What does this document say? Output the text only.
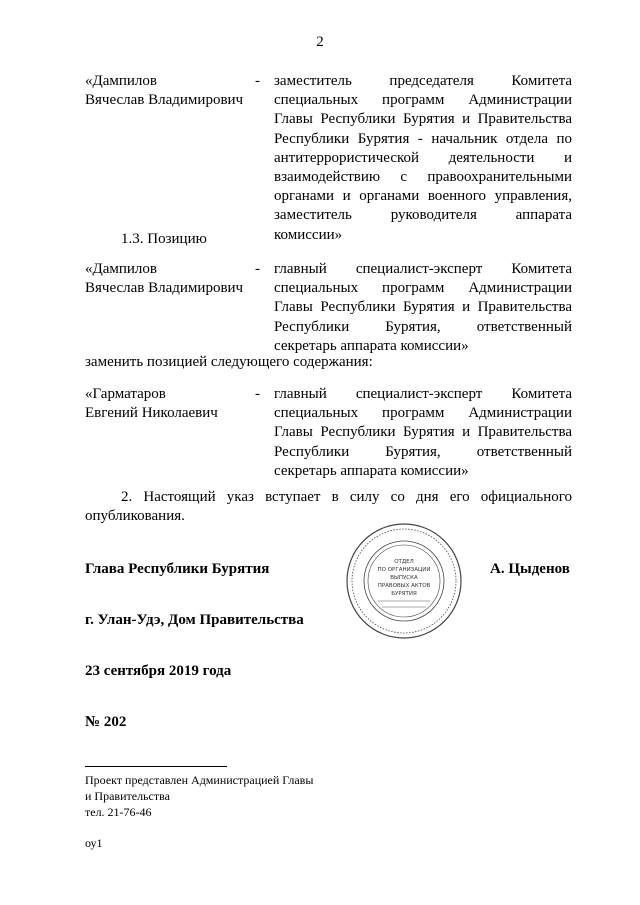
2
«Дампилов
Вячеслав Владимирович
- заместитель председателя Комитета специальных программ Администрации Главы Республики Бурятия и Правительства Республики Бурятия - начальник отдела по антитеррористической деятельности и взаимодействию с правоохранительными органами и органами военного управления, заместитель руководителя аппарата комиссии»
1.3. Позицию
«Дампилов
Вячеслав Владимирович
- главный специалист-эксперт Комитета специальных программ Администрации Главы Республики Бурятия и Правительства Республики Бурятия, ответственный секретарь аппарата комиссии»
заменить позицией следующего содержания:
«Гарматаров
Евгений Николаевич
- главный специалист-эксперт Комитета специальных программ Администрации Главы Республики Бурятия и Правительства Республики Бурятия, ответственный секретарь аппарата комиссии»
2. Настоящий указ вступает в силу со дня его официального опубликования.
ОТДЕЛ
ПО ОРГАНИЗАЦИИ
ВЫПУСКА
ПРАВОВЫХ АКТОВ
БУРЯТИЯ
Глава Республики Бурятия	А. Цыденов
г. Улан-Удэ, Дом Правительства
23 сентября 2019 года
№ 202
Проект представлен Администрацией Главы
и Правительства
тел. 21-76-46
оу1
